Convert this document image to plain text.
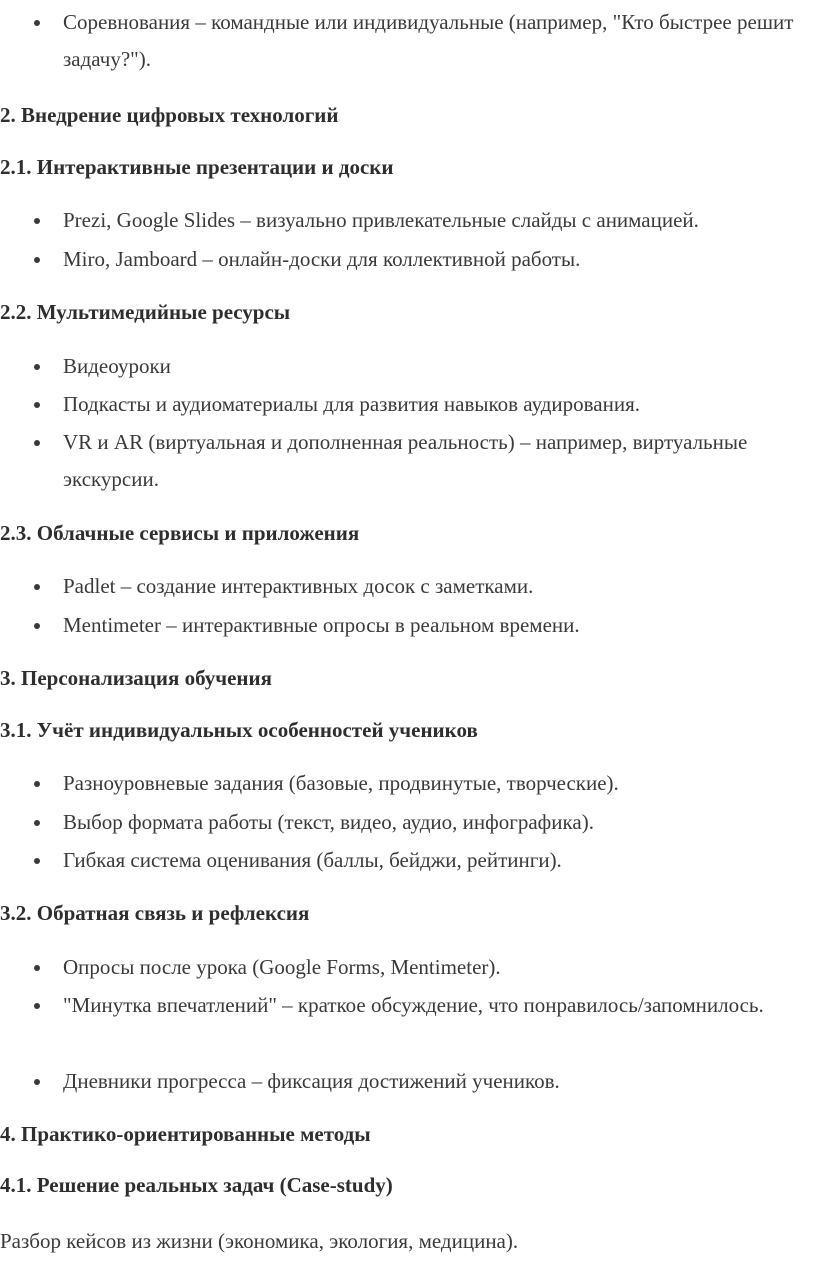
Соревнования – командные или индивидуальные (например, "Кто быстрее решит задачу?").
2. Внедрение цифровых технологий
2.1. Интерактивные презентации и доски
Prezi, Google Slides – визуально привлекательные слайды с анимацией.
Miro, Jamboard – онлайн-доски для коллективной работы.
2.2. Мультимедийные ресурсы
Видеоуроки
Подкасты и аудиоматериалы для развития навыков аудирования.
VR и AR (виртуальная и дополненная реальность) – например, виртуальные экскурсии.
2.3. Облачные сервисы и приложения
Padlet – создание интерактивных досок с заметками.
Mentimeter – интерактивные опросы в реальном времени.
3. Персонализация обучения
3.1. Учёт индивидуальных особенностей учеников
Разноуровневые задания (базовые, продвинутые, творческие).
Выбор формата работы (текст, видео, аудио, инфографика).
Гибкая система оценивания (баллы, бейджи, рейтинги).
3.2. Обратная связь и рефлексия
Опросы после урока (Google Forms, Mentimeter).
"Минутка впечатлений" – краткое обсуждение, что понравилось/запомнилось.
Дневники прогресса – фиксация достижений учеников.
4. Практико-ориентированные методы
4.1. Решение реальных задач (Case-study)
Разбор кейсов из жизни (экономика, экология, медицина).
